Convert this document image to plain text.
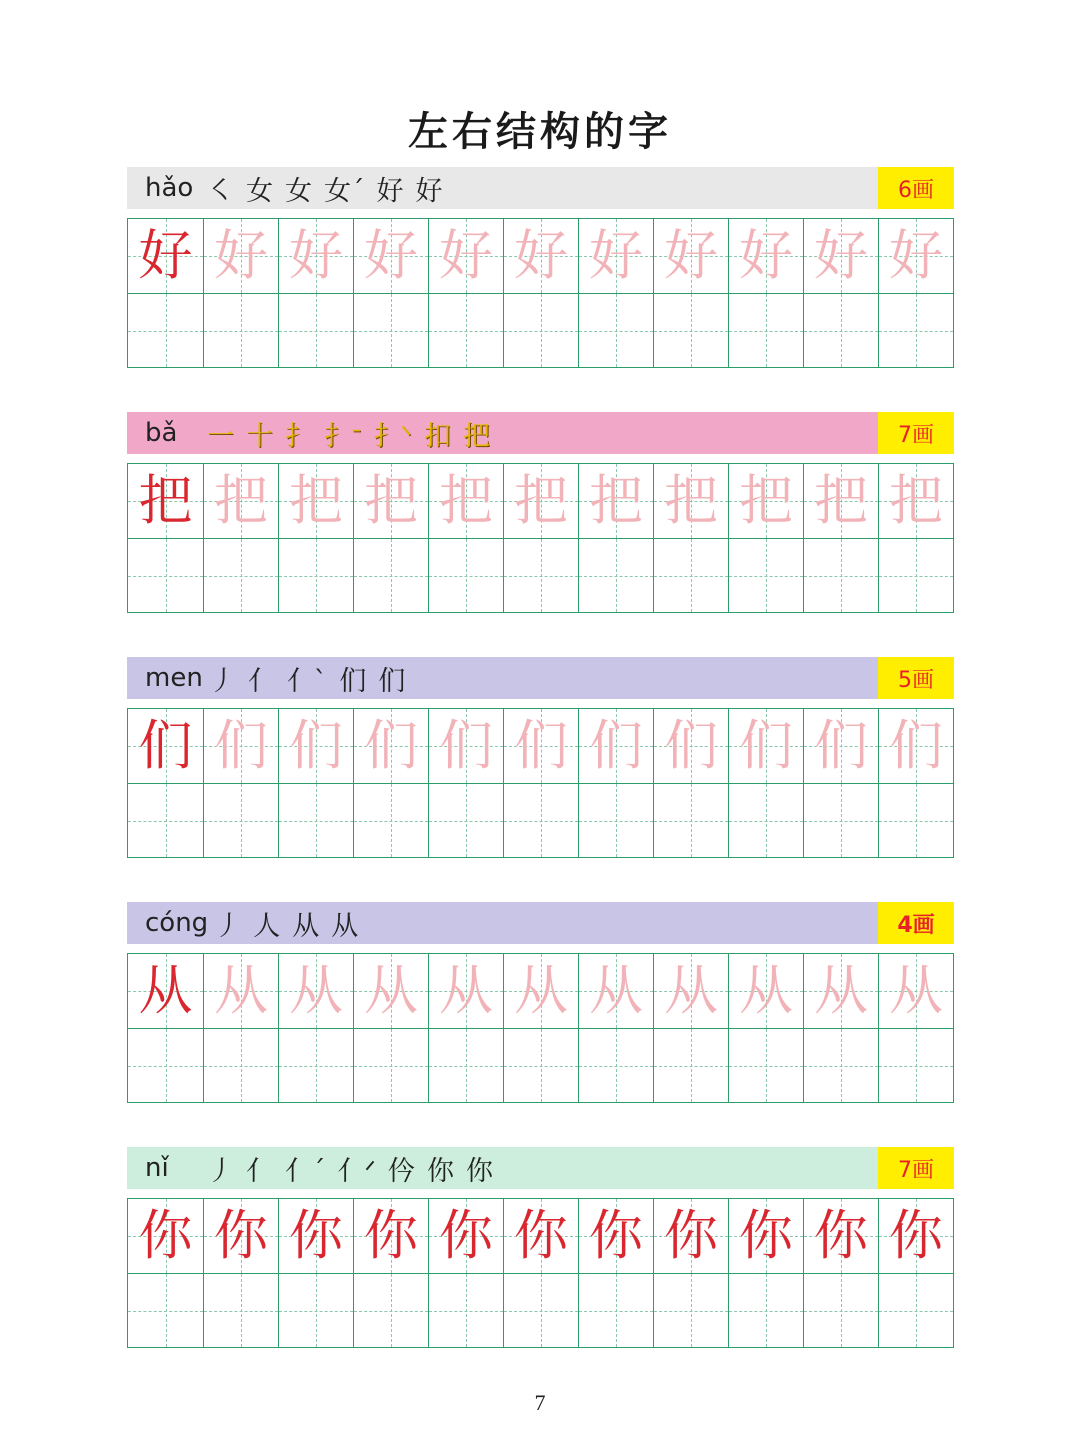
左右结构的字
hǎo ㇛ 女 女 女ˊ 好 好	6画
好 好 好 好 好 好 好 好 好 好 好
bǎ	一 十 扌 扌ᐨ 扌ᐠ 扣 把	7画
把 把 把 把 把 把 把 把 把 把 把
men 丿 亻 亻ˋ 们 们	5画
们 们 们 们 们 们 们 们 们 们 们
cóng 丿 人 从 从	4画
从 从 从 从 从 从 从 从 从 从 从
nǐ	丿 亻 亻ˊ 亻ᐟ 仱 你 你	7画
你 你 你 你 你 你 你 你 你 你 你
7
